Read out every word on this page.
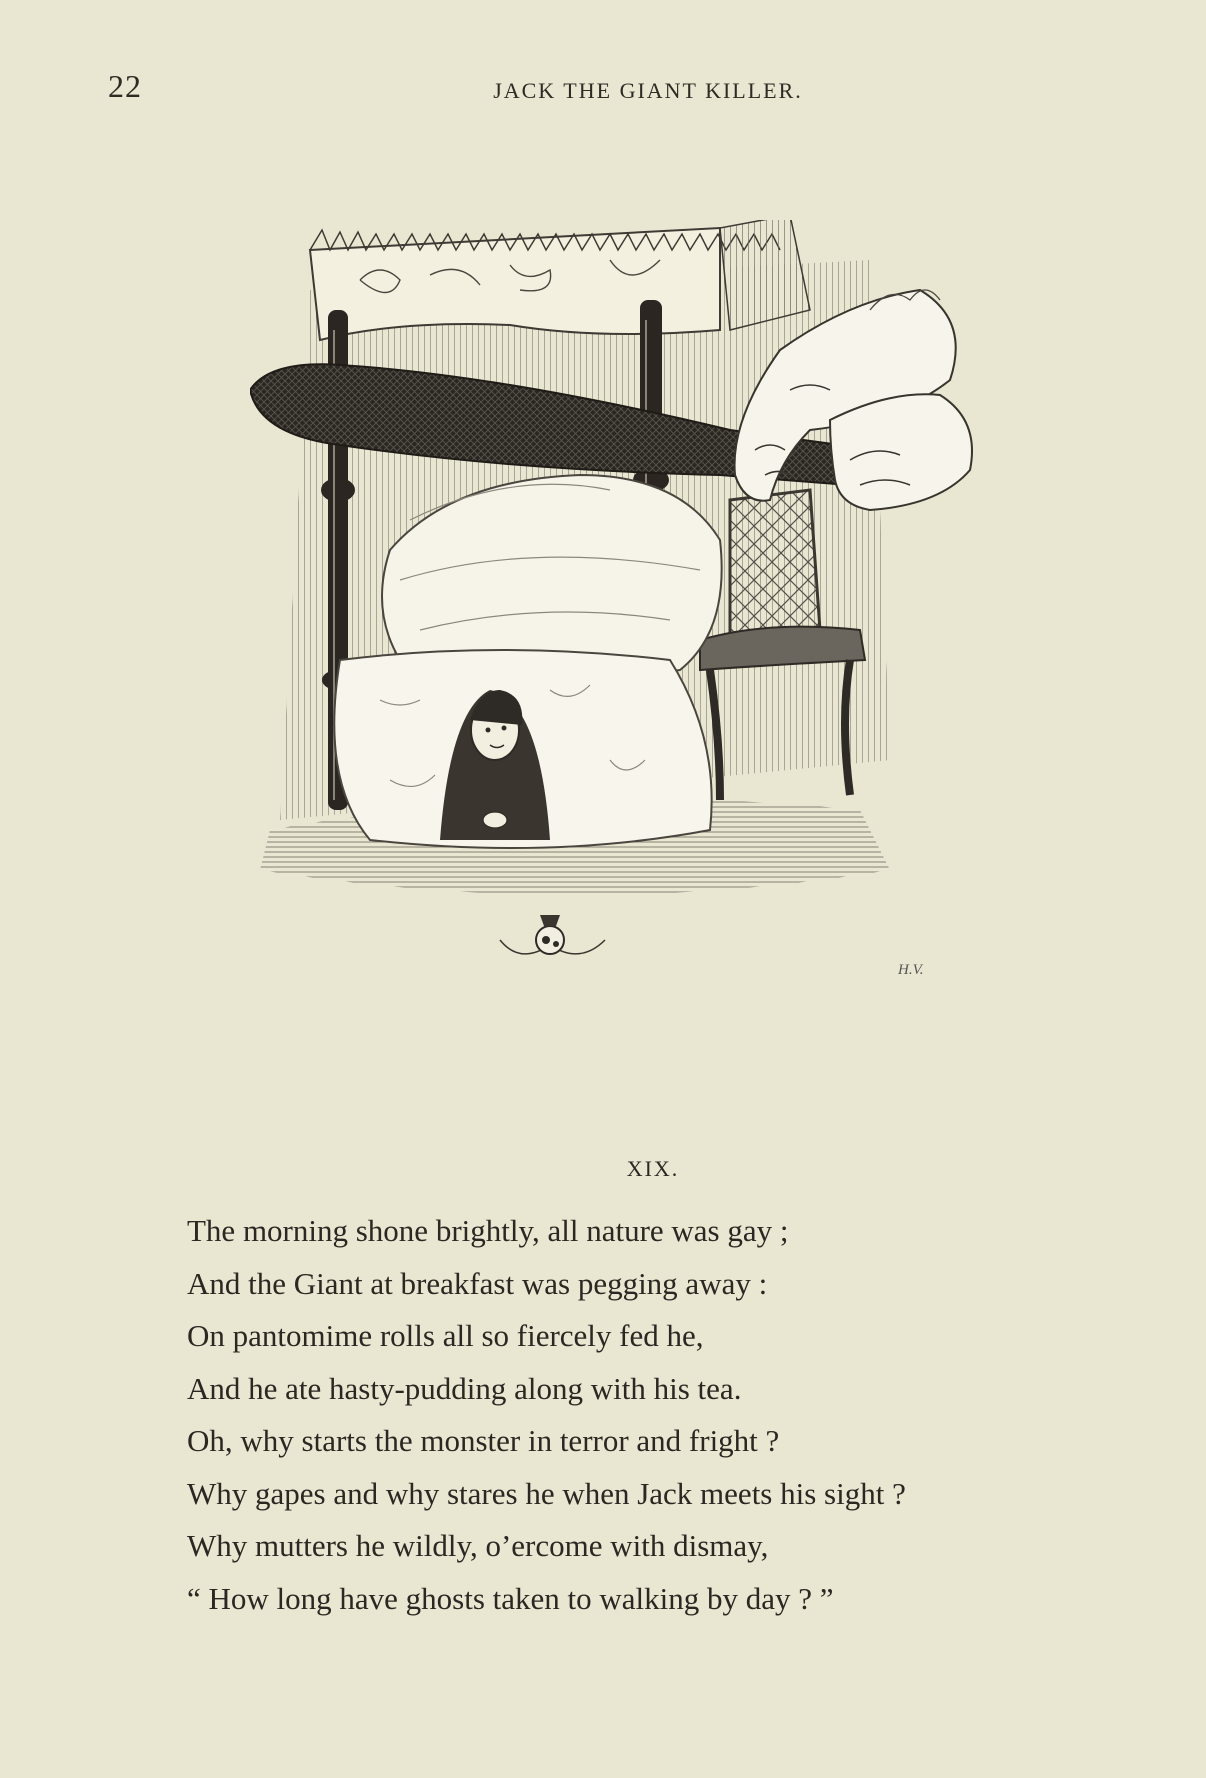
22	JACK THE GIANT KILLER.
H.V.
XIX.
The morning shone brightly, all nature was gay ;
And the Giant at breakfast was pegging away :
On pantomime rolls all so fiercely fed he,
And he ate hasty-pudding along with his tea.
Oh, why starts the monster in terror and fright ?
Why gapes and why stares he when Jack meets his sight ?
Why mutters he wildly, o’ercome with dismay,
“ How long have ghosts taken to walking by day ? ”
